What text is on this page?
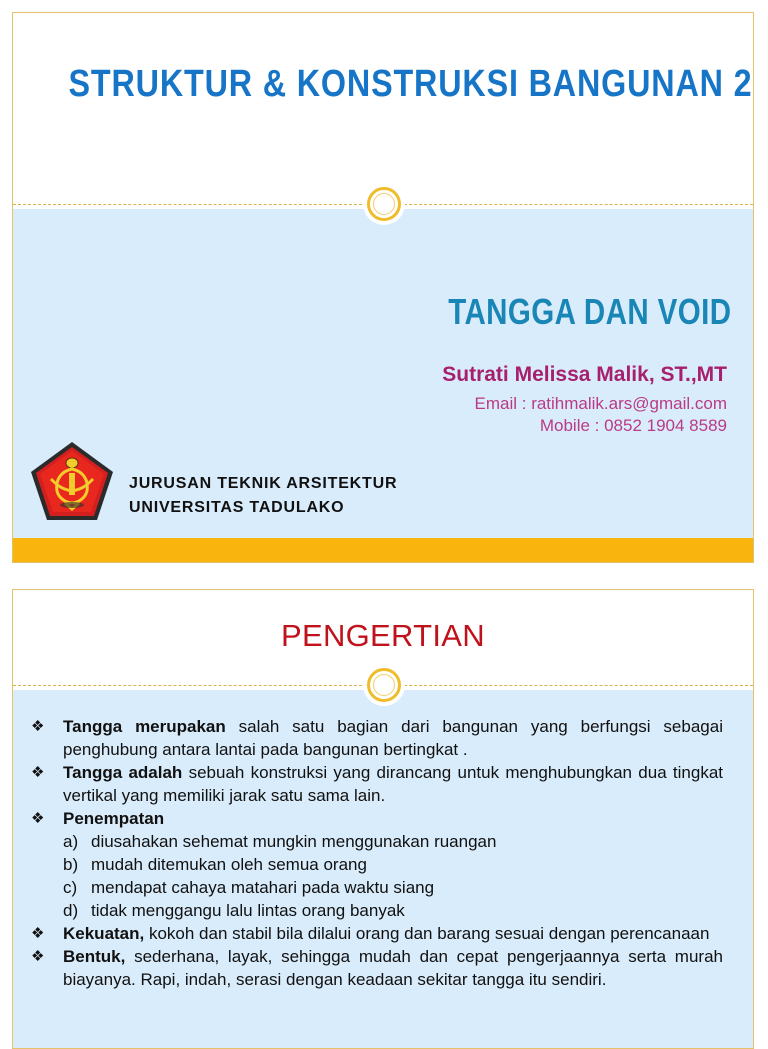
STRUKTUR & KONSTRUKSI BANGUNAN 2
TANGGA DAN VOID
Sutrati Melissa Malik, ST.,MT
Email : ratihmalik.ars@gmail.com
Mobile : 0852 1904 8589
JURUSAN TEKNIK ARSITEKTUR
UNIVERSITAS TADULAKO
PENGERTIAN
❖ Tangga merupakan salah satu bagian dari bangunan yang berfungsi sebagai penghubung antara lantai pada bangunan bertingkat .
❖ Tangga adalah sebuah konstruksi yang dirancang untuk menghubungkan dua tingkat vertikal yang memiliki jarak satu sama lain.
❖ Penempatan
a) diusahakan sehemat mungkin menggunakan ruangan
b) mudah ditemukan oleh semua orang
c) mendapat cahaya matahari pada waktu siang
d) tidak menggangu lalu lintas orang banyak
❖ Kekuatan, kokoh dan stabil bila dilalui orang dan barang sesuai dengan perencanaan
❖ Bentuk, sederhana, layak, sehingga mudah dan cepat pengerjaannya serta murah biayanya. Rapi, indah, serasi dengan keadaan sekitar tangga itu sendiri.
